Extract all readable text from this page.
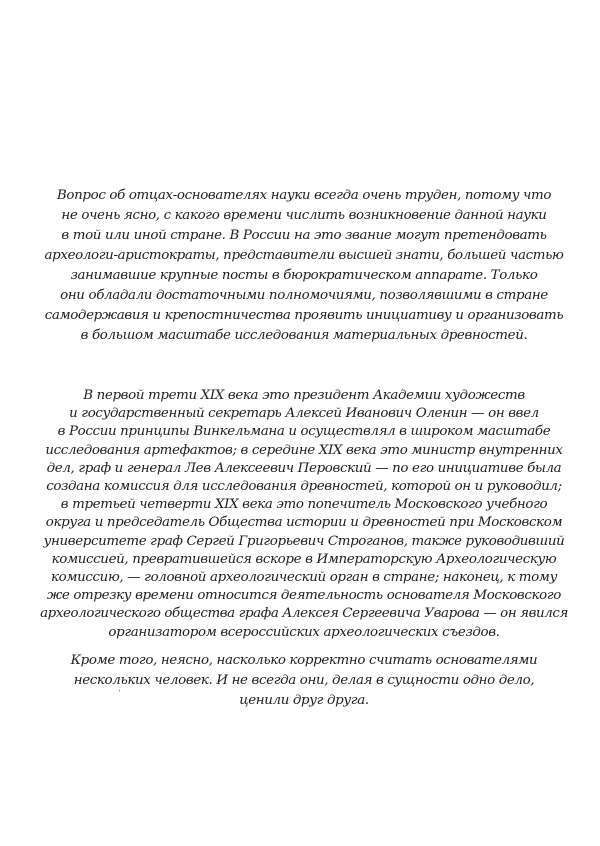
Вопрос об отцах-основателях науки всегда очень труден, потому что
не очень ясно, с какого времени числить возникновение данной науки
в той или иной стране. В России на это звание могут претендовать
археологи-аристократы, представители высшей знати, большей частью
занимавшие крупные посты в бюрократическом аппарате. Только
они обладали достаточными полномочиями, позволявшими в стране
самодержавия и крепостничества проявить инициативу и организовать
в большом масштабе исследования материальных древностей.
В первой трети XIX века это президент Академии художеств
и государственный секретарь Алексей Иванович Оленин — он ввел
в России принципы Винкельмана и осуществлял в широком масштабе
исследования артефактов; в середине XIX века это министр внутренних
дел, граф и генерал Лев Алексеевич Перовский — по его инициативе была
создана комиссия для исследования древностей, которой он и руководил;
в третьей четверти XIX века это попечитель Московского учебного
округа и председатель Общества истории и древностей при Московском
университете граф Сергей Григорьевич Строганов, также руководивший
комиссией, превратившейся вскоре в Императорскую Археологическую
комиссию, — головной археологический орган в стране; наконец, к тому
же отрезку времени относится деятельность основателя Московского
археологического общества графа Алексея Сергеевича Уварова — он явился
организатором всероссийских археологических съездов.
Кроме того, неясно, насколько корректно считать основателями
нескольких человек. И не всегда они, делая в сущности одно дело,
ценили друг друга.
